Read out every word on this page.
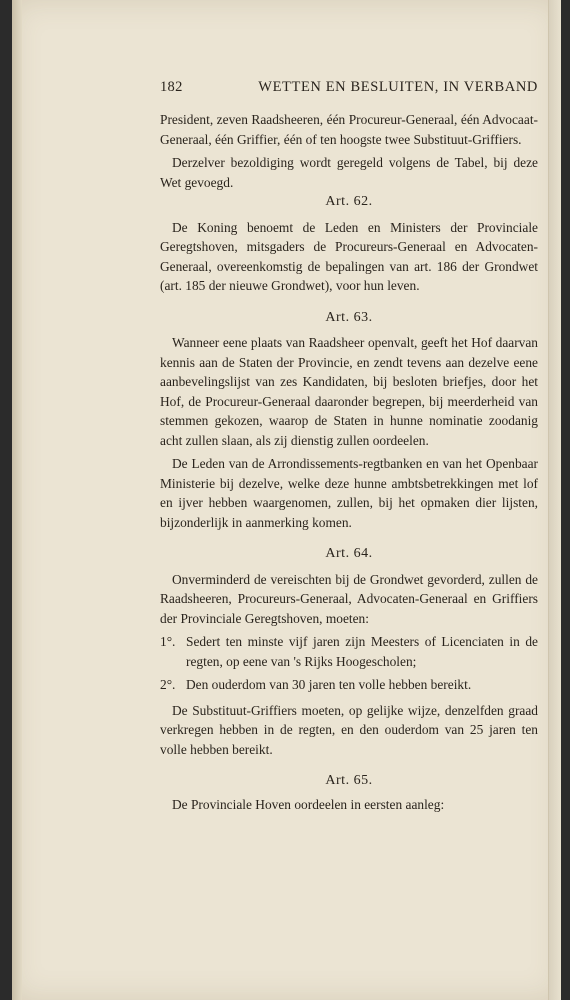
182	WETTEN EN BESLUITEN, IN VERBAND

President, zeven Raadsheeren, één Procureur-Generaal, één Advocaat-Generaal, één Griffier, één of ten hoogste twee Substituut-Griffiers.

Derzelver bezoldiging wordt geregeld volgens de Tabel, bij deze Wet gevoegd.

Art. 62.

De Koning benoemt de Leden en Ministers der Provinciale Geregtshoven, mitsgaders de Procureurs-Generaal en Advocaten-Generaal, overeenkomstig de bepalingen van art. 186 der Grondwet (art. 185 der nieuwe Grondwet), voor hun leven.

Art. 63.

Wanneer eene plaats van Raadsheer openvalt, geeft het Hof daarvan kennis aan de Staten der Provincie, en zendt tevens aan dezelve eene aanbevelingslijst van zes Kandidaten, bij besloten briefjes, door het Hof, de Procureur-Generaal daaronder begrepen, bij meerderheid van stemmen gekozen, waarop de Staten in hunne nominatie zoodanig acht zullen slaan, als zij dienstig zullen oordeelen.

De Leden van de Arrondissements-regtbanken en van het Openbaar Ministerie bij dezelve, welke deze hunne ambtsbetrekkingen met lof en ijver hebben waargenomen, zullen, bij het opmaken dier lijsten, bijzonderlijk in aanmerking komen.

Art. 64.

Onverminderd de vereischten bij de Grondwet gevorderd, zullen de Raadsheeren, Procureurs-Generaal, Advocaten-Generaal en Griffiers der Provinciale Geregtshoven, moeten:

1°. Sedert ten minste vijf jaren zijn Meesters of Licenciaten in de regten, op eene van 's Rijks Hoogescholen;
2°. Den ouderdom van 30 jaren ten volle hebben bereikt.

De Substituut-Griffiers moeten, op gelijke wijze, denzelfden graad verkregen hebben in de regten, en den ouderdom van 25 jaren ten volle hebben bereikt.

Art. 65.

De Provinciale Hoven oordeelen in eersten aanleg:
